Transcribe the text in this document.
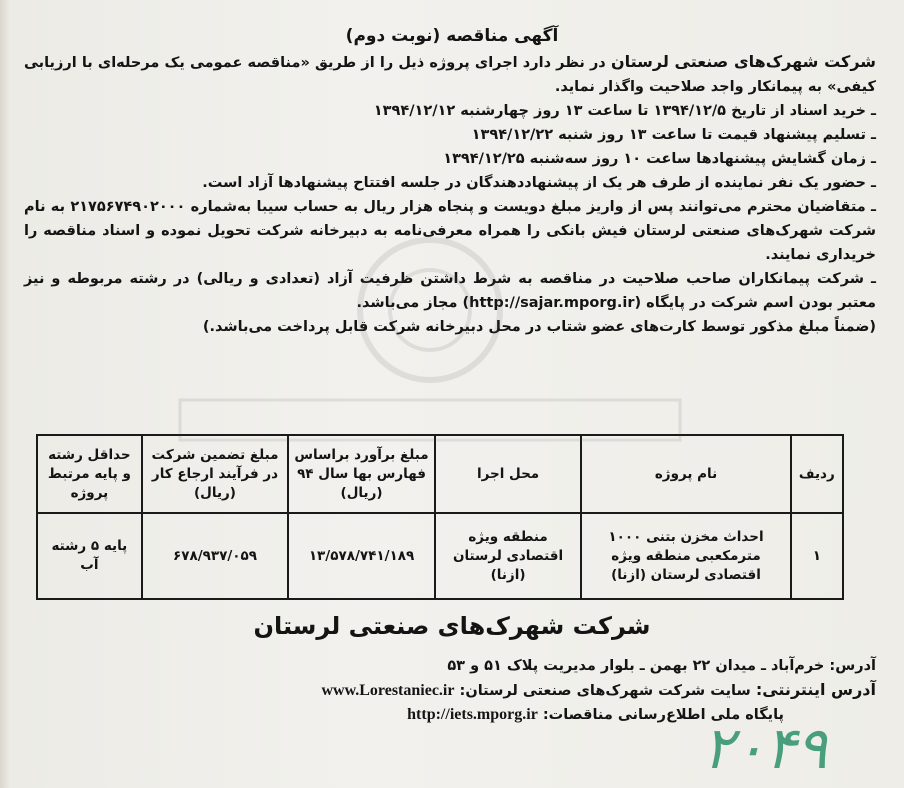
آگهی مناقصه (نوبت دوم)
شرکت شهرک‌های صنعتی لرستان در نظر دارد اجرای پروژه ذیل را از طریق «مناقصه عمومی یک مرحله‌ای با ارزیابی کیفی» به پیمانکار واجد صلاحیت واگذار نماید.
ـ خرید اسناد از تاریخ ۱۳۹۴/۱۲/۵ تا ساعت ۱۳ روز چهارشنبه ۱۳۹۴/۱۲/۱۲
ـ تسلیم پیشنهاد قیمت تا ساعت ۱۳ روز شنبه ۱۳۹۴/۱۲/۲۲
ـ زمان گشایش پیشنهادها ساعت ۱۰ روز سه‌شنبه ۱۳۹۴/۱۲/۲۵
ـ حضور یک نفر نماینده از طرف هر یک از پیشنهاددهندگان در جلسه افتتاح پیشنهادها آزاد است.
ـ متقاضیان محترم می‌توانند پس از واریز مبلغ دویست و پنجاه هزار ریال به حساب سیبا به‌شماره ۲۱۷۵۶۷۴۹۰۲۰۰۰ به نام شرکت شهرک‌های صنعتی لرستان فیش بانکی را همراه معرفی‌نامه به دبیرخانه شرکت تحویل نموده و اسناد مناقصه را خریداری نمایند.
ـ شرکت پیمانکاران صاحب صلاحیت در مناقصه به شرط داشتن ظرفیت آزاد (تعدادی و ریالی) در رشته مربوطه و نیز معتبر بودن اسم شرکت در پایگاه (http://sajar.mporg.ir) مجاز می‌باشد.
(ضمناً مبلغ مذکور توسط کارت‌های عضو شتاب در محل دبیرخانه شرکت قابل پرداخت می‌باشد.)
ردیف	نام پروژه	محل اجرا	مبلغ برآورد براساس فهارس بها سال ۹۴ (ریال)	مبلغ تضمین شرکت در فرآیند ارجاع کار (ریال)	حداقل رشته و پایه مرتبط پروژه
۱	احداث مخزن بتنی ۱۰۰۰ مترمکعبی منطقه ویژه اقتصادی لرستان (ازنا)	منطقه ویژه اقتصادی لرستان (ازنا)	۱۳/۵۷۸/۷۴۱/۱۸۹	۶۷۸/۹۳۷/۰۵۹	پایه ۵ رشته آب
شرکت شهرک‌های صنعتی لرستان
آدرس: خرم‌آباد ـ میدان ۲۲ بهمن ـ بلوار مدیریت پلاک ۵۱ و ۵۳
آدرس اینترنتی: سایت شرکت شهرک‌های صنعتی لرستان: www.Lorestaniec.ir
پایگاه ملی اطلاع‌رسانی مناقصات: http://iets.mporg.ir	۲۰۴۹
